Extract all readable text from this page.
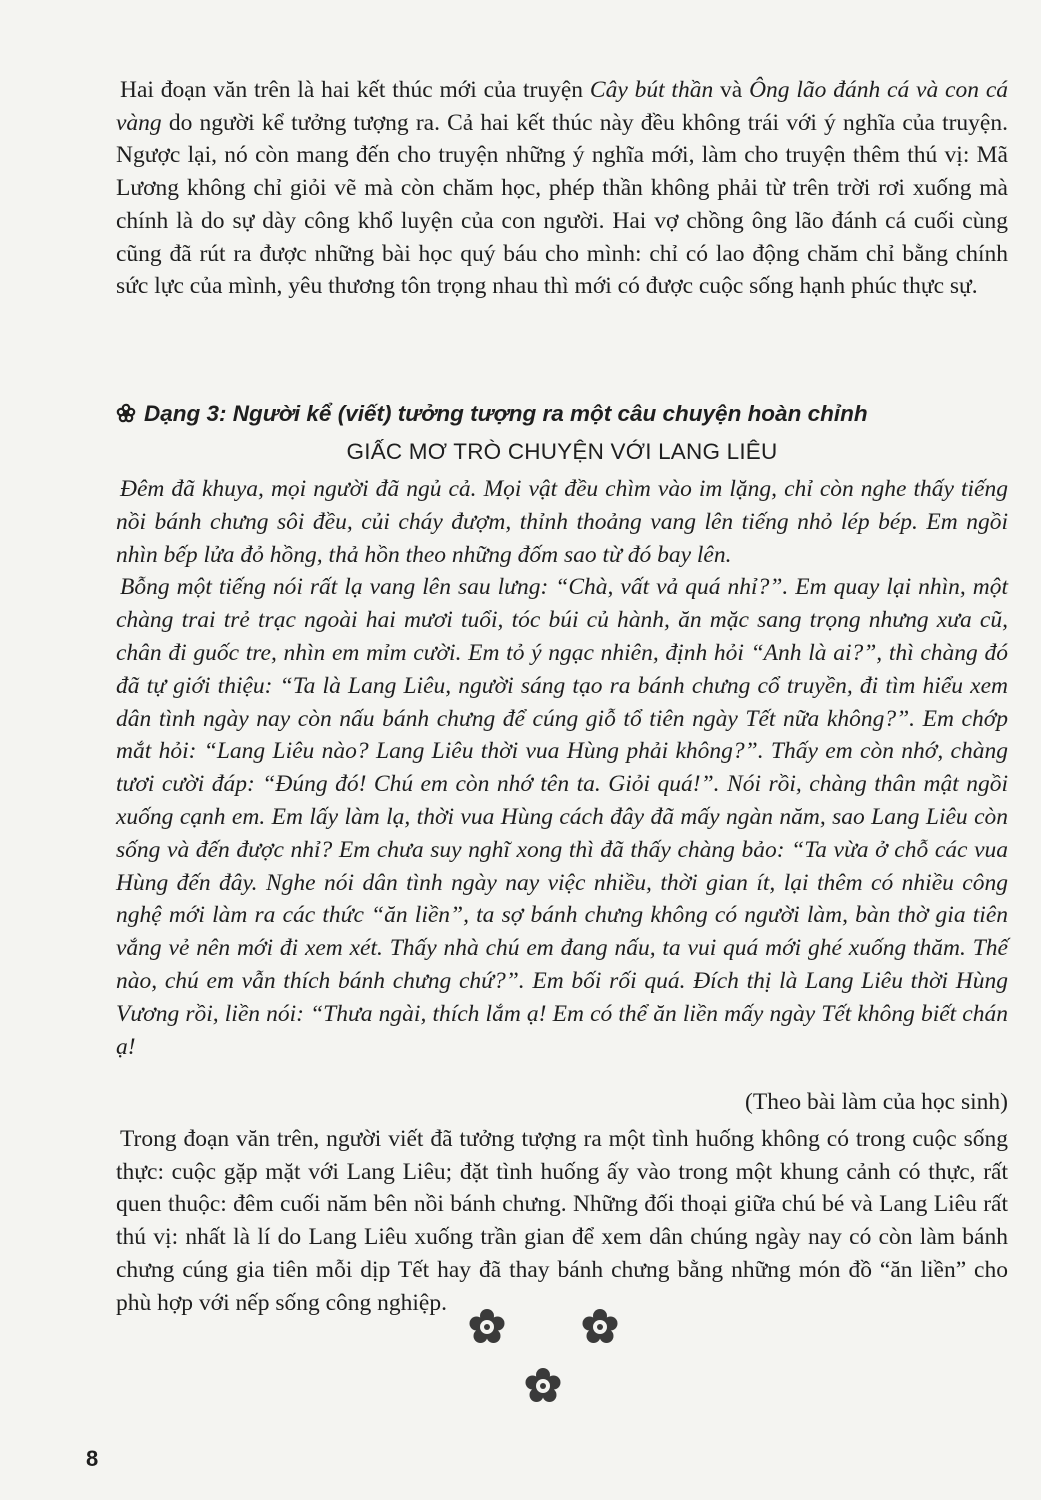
Hai đoạn văn trên là hai kết thúc mới của truyện Cây bút thần và Ông lão đánh cá và con cá vàng do người kể tưởng tượng ra. Cả hai kết thúc này đều không trái với ý nghĩa của truyện. Ngược lại, nó còn mang đến cho truyện những ý nghĩa mới, làm cho truyện thêm thú vị: Mã Lương không chỉ giỏi vẽ mà còn chăm học, phép thần không phải từ trên trời rơi xuống mà chính là do sự dày công khổ luyện của con người. Hai vợ chồng ông lão đánh cá cuối cùng cũng đã rút ra được những bài học quý báu cho mình: chỉ có lao động chăm chỉ bằng chính sức lực của mình, yêu thương tôn trọng nhau thì mới có được cuộc sống hạnh phúc thực sự.

Dạng 3: Người kể (viết) tưởng tượng ra một câu chuyện hoàn chỉnh
GIẤC MƠ TRÒ CHUYỆN VỚI LANG LIÊU

Đêm đã khuya, mọi người đã ngủ cả. Mọi vật đều chìm vào im lặng, chỉ còn nghe thấy tiếng nồi bánh chưng sôi đều, củi cháy đượm, thỉnh thoảng vang lên tiếng nhỏ lép bép. Em ngồi nhìn bếp lửa đỏ hồng, thả hồn theo những đốm sao từ đó bay lên.

Bỗng một tiếng nói rất lạ vang lên sau lưng: “Chà, vất vả quá nhỉ?”. Em quay lại nhìn, một chàng trai trẻ trạc ngoài hai mươi tuổi, tóc búi củ hành, ăn mặc sang trọng nhưng xưa cũ, chân đi guốc tre, nhìn em mỉm cười. Em tỏ ý ngạc nhiên, định hỏi “Anh là ai?”, thì chàng đó đã tự giới thiệu: “Ta là Lang Liêu, người sáng tạo ra bánh chưng cổ truyền, đi tìm hiểu xem dân tình ngày nay còn nấu bánh chưng để cúng giỗ tổ tiên ngày Tết nữa không?”. Em chớp mắt hỏi: “Lang Liêu nào? Lang Liêu thời vua Hùng phải không?”. Thấy em còn nhớ, chàng tươi cười đáp: “Đúng đó! Chú em còn nhớ tên ta. Giỏi quá!”. Nói rồi, chàng thân mật ngồi xuống cạnh em. Em lấy làm lạ, thời vua Hùng cách đây đã mấy ngàn năm, sao Lang Liêu còn sống và đến được nhỉ? Em chưa suy nghĩ xong thì đã thấy chàng bảo: “Ta vừa ở chỗ các vua Hùng đến đây. Nghe nói dân tình ngày nay việc nhiều, thời gian ít, lại thêm có nhiều công nghệ mới làm ra các thức “ăn liền”, ta sợ bánh chưng không có người làm, bàn thờ gia tiên vắng vẻ nên mới đi xem xét. Thấy nhà chú em đang nấu, ta vui quá mới ghé xuống thăm. Thế nào, chú em vẫn thích bánh chưng chứ?”. Em bối rối quá. Đích thị là Lang Liêu thời Hùng Vương rồi, liền nói: “Thưa ngài, thích lắm ạ! Em có thể ăn liền mấy ngày Tết không biết chán ạ!

(Theo bài làm của học sinh)

Trong đoạn văn trên, người viết đã tưởng tượng ra một tình huống không có trong cuộc sống thực: cuộc gặp mặt với Lang Liêu; đặt tình huống ấy vào trong một khung cảnh có thực, rất quen thuộc: đêm cuối năm bên nồi bánh chưng. Những đối thoại giữa chú bé và Lang Liêu rất thú vị: nhất là lí do Lang Liêu xuống trần gian để xem dân chúng ngày nay có còn làm bánh chưng cúng gia tiên mỗi dịp Tết hay đã thay bánh chưng bằng những món đồ “ăn liền” cho phù hợp với nếp sống công nghiệp.

8
